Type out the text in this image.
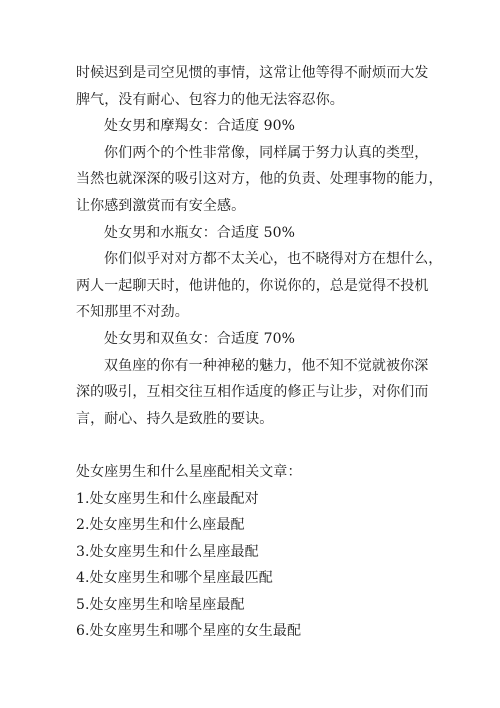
时候迟到是司空见惯的事情，这常让他等得不耐烦而大发
脾气，没有耐心、包容力的他无法容忍你。
处女男和摩羯女：合适度 90%
你们两个的个性非常像，同样属于努力认真的类型，
当然也就深深的吸引这对方，他的负责、处理事物的能力，
让你感到激赏而有安全感。
处女男和水瓶女：合适度 50%
你们似乎对对方都不太关心，也不晓得对方在想什么，
两人一起聊天时，他讲他的，你说你的，总是觉得不投机
不知那里不对劲。
处女男和双鱼女：合适度 70%
双鱼座的你有一种神秘的魅力，他不知不觉就被你深
深的吸引，互相交往互相作适度的修正与让步，对你们而
言，耐心、持久是致胜的要诀。
处女座男生和什么星座配相关文章：
1.处女座男生和什么座最配对
2.处女座男生和什么座最配
3.处女座男生和什么星座最配
4.处女座男生和哪个星座最匹配
5.处女座男生和啥星座最配
6.处女座男生和哪个星座的女生最配
